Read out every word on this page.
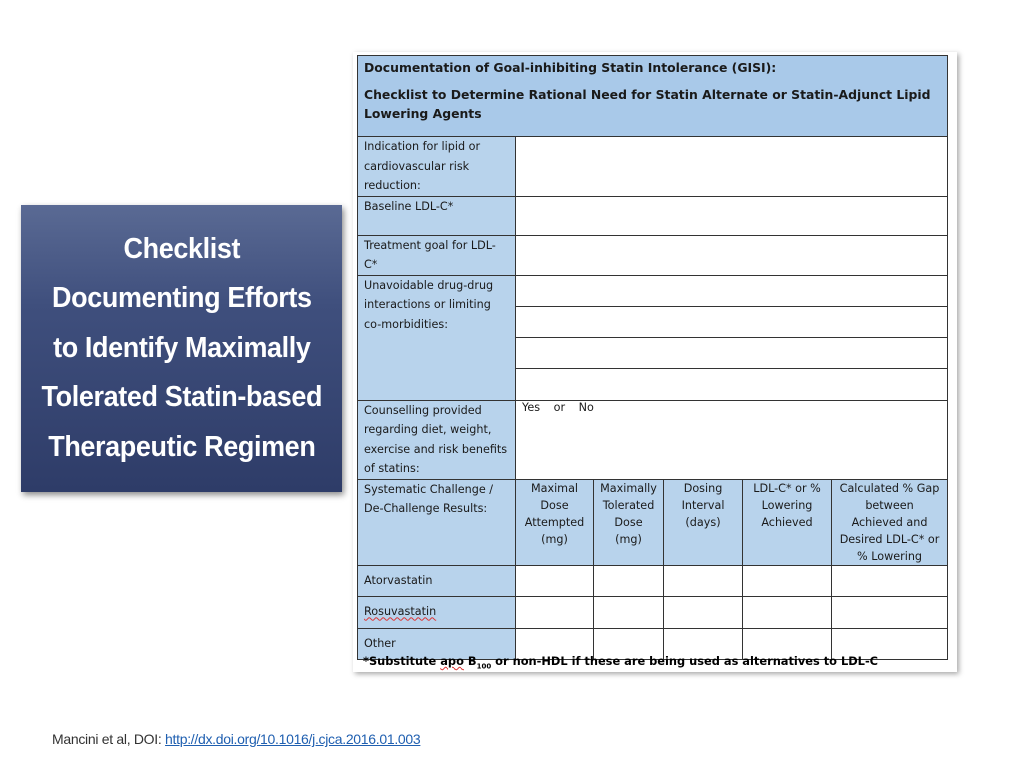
Checklist
Documenting Efforts
to Identify Maximally
Tolerated Statin-based
Therapeutic Regimen
Documentation of Goal-inhibiting Statin Intolerance (GISI):
Checklist to Determine Rational Need for Statin Alternate or Statin-Adjunct Lipid Lowering Agents					

Indication for lipid or cardiovascular risk reduction:					
Baseline LDL-C*					
Treatment goal for LDL-C*					
Unavoidable drug-drug interactions or limiting co-morbidities:					

Counselling provided regarding diet, weight, exercise and risk benefits of statins:	Yes or No				
Systematic Challenge / De-Challenge Results:	Maximal Dose Attempted (mg)	Maximally Tolerated Dose (mg)	Dosing Interval (days)	LDL-C* or % Lowering Achieved	Calculated % Gap between Achieved and Desired LDL-C* or % Lowering
Atorvastatin					
Rosuvastatin					
Other					
*Substitute apo $B_{100}$ or non-HDL if these are being used as alternatives to LDL-C
Mancini et al, DOI: http://dx.doi.org/10.1016/j.cjca.2016.01.003
